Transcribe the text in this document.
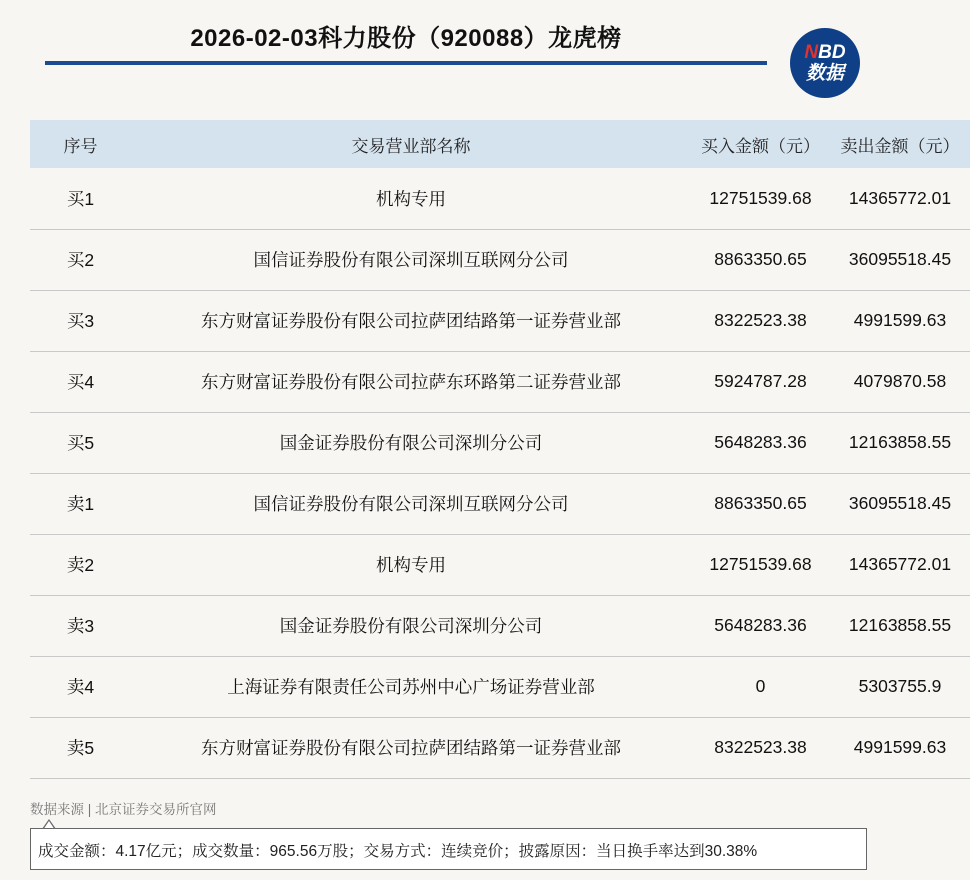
2026-02-03科力股份（920088）龙虎榜
NBD
数据
序号	交易营业部名称	买入金额（元）	卖出金额（元）
买1	机构专用	12751539.68	14365772.01
买2	国信证券股份有限公司深圳互联网分公司	8863350.65	36095518.45
买3	东方财富证券股份有限公司拉萨团结路第一证券营业部	8322523.38	4991599.63
买4	东方财富证券股份有限公司拉萨东环路第二证券营业部	5924787.28	4079870.58
买5	国金证券股份有限公司深圳分公司	5648283.36	12163858.55
卖1	国信证券股份有限公司深圳互联网分公司	8863350.65	36095518.45
卖2	机构专用	12751539.68	14365772.01
卖3	国金证券股份有限公司深圳分公司	5648283.36	12163858.55
卖4	上海证券有限责任公司苏州中心广场证券营业部	0	5303755.9
卖5	东方财富证券股份有限公司拉萨团结路第一证券营业部	8322523.38	4991599.63
数据来源 | 北京证券交易所官网
成交金额：4.17亿元；成交数量：965.56万股；交易方式：连续竞价；披露原因：当日换手率达到30.38%
